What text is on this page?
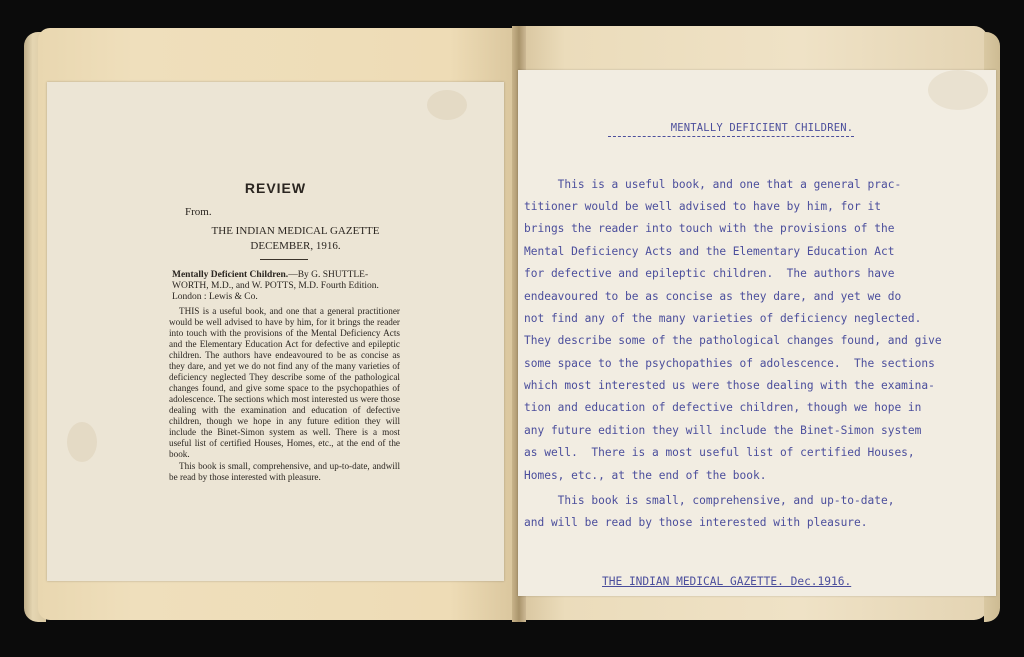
REVIEW
From.
THE INDIAN MEDICAL GAZETTE
DECEMBER, 1916.
Mentally Deficient Children.—By G. SHUTTLE-WORTH, M.D., and W. POTTS, M.D. Fourth Edition. London : Lewis & Co.

THIS is a useful book, and one that a general practitioner would be well advised to have by him, for it brings the reader into touch with the provisions of the Mental Deficiency Acts and the Elementary Education Act for defective and epileptic children. The authors have endeavoured to be as concise as they dare, and yet we do not find any of the many varieties of deficiency neglected They describe some of the pathological changes found, and give some space to the psychopathies of adolescence. The sections which most interested us were those dealing with the examination and education of defective children, though we hope in any future edition they will include the Binet-Simon system as well. There is a most useful list of certified Houses, Homes, etc., at the end of the book.

This book is small, comprehensive, and up-to-date, andwill be read by those interested with pleasure.

MENTALLY DEFICIENT CHILDREN.
This is a useful book, and one that a general prac-
titioner would be well advised to have by him, for it
brings the reader into touch with the provisions of the
Mental Deficiency Acts and the Elementary Education Act
for defective and epileptic children.  The authors have
endeavoured to be as concise as they dare, and yet we do
not find any of the many varieties of deficiency neglected.
They describe some of the pathological changes found, and give
some space to the psychopathies of adolescence.  The sections
which most interested us were those dealing with the examina-
tion and education of defective children, though we hope in
any future edition they will include the Binet-Simon system
as well.  There is a most useful list of certified Houses,
Homes, etc., at the end of the book.
This book is small, comprehensive, and up-to-date,
and will be read by those interested with pleasure.
THE INDIAN MEDICAL GAZETTE. Dec.1916.
